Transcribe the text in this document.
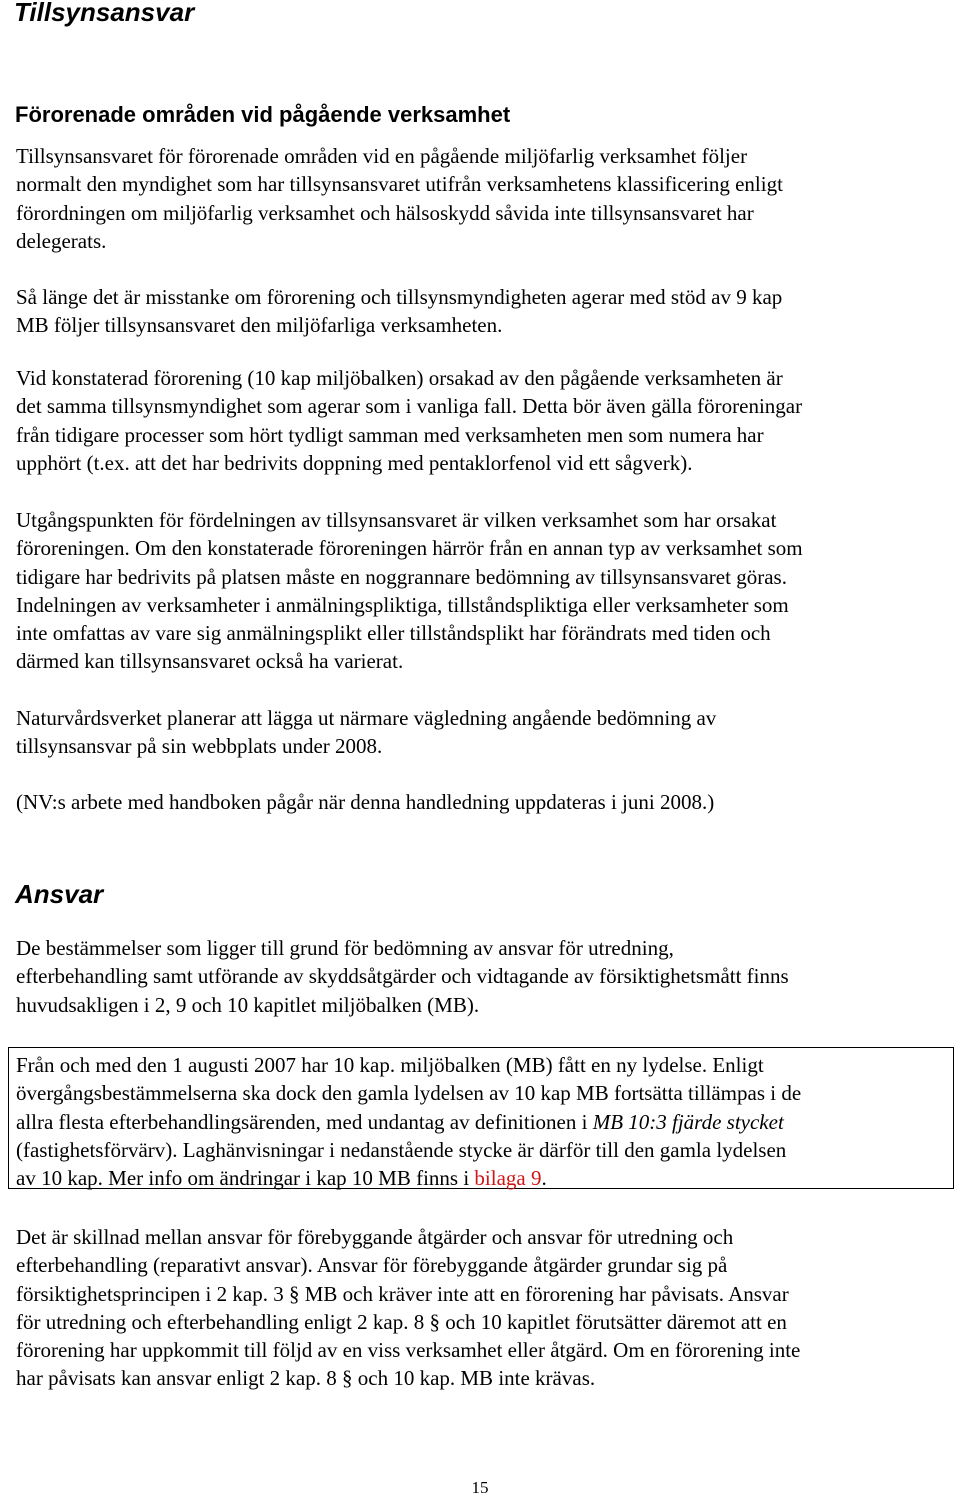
Tillsynsansvar
Förorenade områden vid pågående verksamhet

Tillsynsansvaret för förorenade områden vid en pågående miljöfarlig verksamhet följer
normalt den myndighet som har tillsynsansvaret utifrån verksamhetens klassificering enligt
förordningen om miljöfarlig verksamhet och hälsoskydd såvida inte tillsynsansvaret har
delegerats.

Så länge det är misstanke om förorening och tillsynsmyndigheten agerar med stöd av 9 kap
MB följer tillsynsansvaret den miljöfarliga verksamheten.

Vid konstaterad förorening (10 kap miljöbalken) orsakad av den pågående verksamheten är
det samma tillsynsmyndighet som agerar som i vanliga fall. Detta bör även gälla föroreningar
från tidigare processer som hört tydligt samman med verksamheten men som numera har
upphört (t.ex. att det har bedrivits doppning med pentaklorfenol vid ett sågverk).

Utgångspunkten för fördelningen av tillsynsansvaret är vilken verksamhet som har orsakat
föroreningen. Om den konstaterade föroreningen härrör från en annan typ av verksamhet som
tidigare har bedrivits på platsen måste en noggrannare bedömning av tillsynsansvaret göras.
Indelningen av verksamheter i anmälningspliktiga, tillståndspliktiga eller verksamheter som
inte omfattas av vare sig anmälningsplikt eller tillståndsplikt har förändrats med tiden och
därmed kan tillsynsansvaret också ha varierat.

Naturvårdsverket planerar att lägga ut närmare vägledning angående bedömning av
tillsynsansvar på sin webbplats under 2008.

(NV:s arbete med handboken pågår när denna handledning uppdateras i juni 2008.)

Ansvar

De bestämmelser som ligger till grund för bedömning av ansvar för utredning,
efterbehandling samt utförande av skyddsåtgärder och vidtagande av försiktighetsmått finns
huvudsakligen i 2, 9 och 10 kapitlet miljöbalken (MB).

Från och med den 1 augusti 2007 har 10 kap. miljöbalken (MB) fått en ny lydelse. Enligt
övergångsbestämmelserna ska dock den gamla lydelsen av 10 kap MB fortsätta tillämpas i de
allra flesta efterbehandlingsärenden, med undantag av definitionen i MB 10:3 fjärde stycket
(fastighetsförvärv). Laghänvisningar i nedanstående stycke är därför till den gamla lydelsen
av 10 kap. Mer info om ändringar i kap 10 MB finns i bilaga 9.

Det är skillnad mellan ansvar för förebyggande åtgärder och ansvar för utredning och
efterbehandling (reparativt ansvar). Ansvar för förebyggande åtgärder grundar sig på
försiktighetsprincipen i 2 kap. 3 § MB och kräver inte att en förorening har påvisats. Ansvar
för utredning och efterbehandling enligt 2 kap. 8 § och 10 kapitlet förutsätter däremot att en
förorening har uppkommit till följd av en viss verksamhet eller åtgärd. Om en förorening inte
har påvisats kan ansvar enligt 2 kap. 8 § och 10 kap. MB inte krävas.

15
